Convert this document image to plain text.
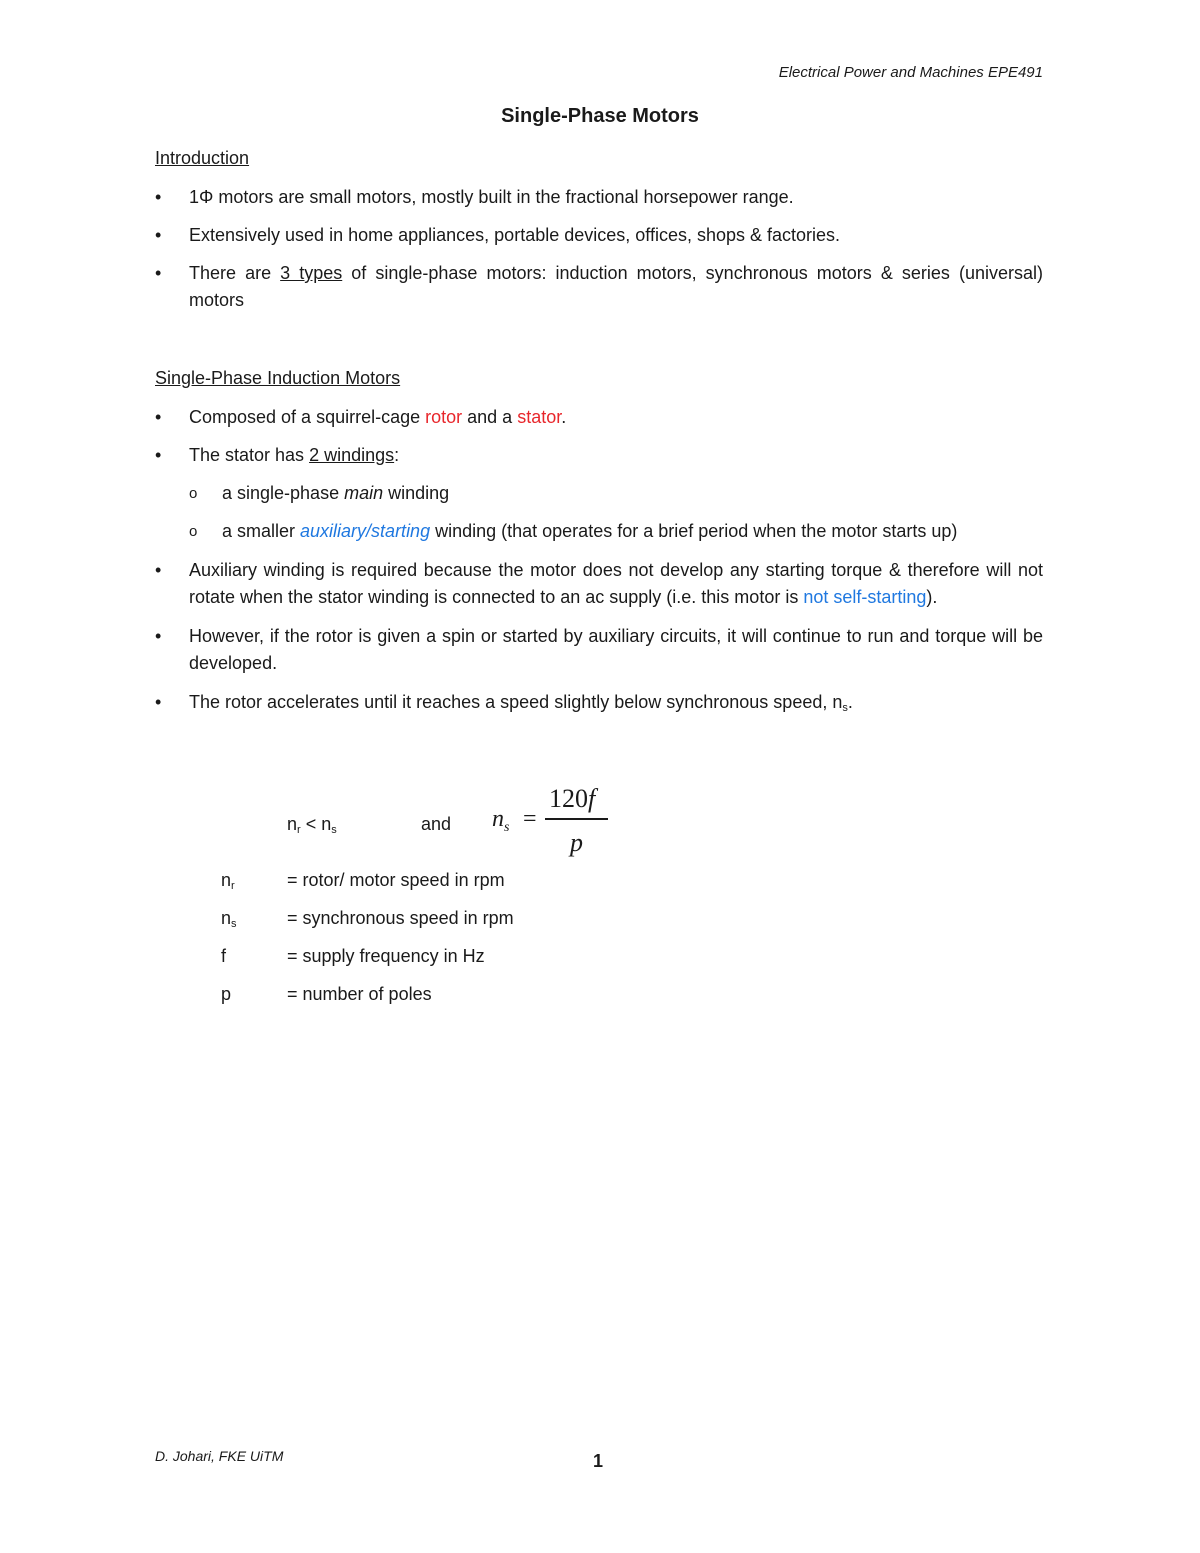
Electrical Power and Machines EPE491
Single-Phase Motors

Introduction

• 1Φ motors are small motors, mostly built in the fractional horsepower range.
• Extensively used in home appliances, portable devices, offices, shops & factories.
• There are 3 types of single-phase motors: induction motors, synchronous motors & series (universal) motors

Single-Phase Induction Motors

• Composed of a squirrel-cage rotor and a stator.
• The stator has 2 windings:
o a single-phase main winding
o a smaller auxiliary/starting winding (that operates for a brief period when the motor starts up)
• Auxiliary winding is required because the motor does not develop any starting torque & therefore will not rotate when the stator winding is connected to an ac supply (i.e. this motor is not self-starting).
• However, if the rotor is given a spin or started by auxiliary circuits, it will continue to run and torque will be developed.
• The rotor accelerates until it reaches a speed slightly below synchronous speed, $n_s$.
$n_r < n_s$	and $n_s$ =
120f
p
$n_r$	= rotor/ motor speed in rpm
$n_s$	= synchronous speed in rpm
f	= supply frequency in Hz
p	= number of poles
D. Johari, FKE UiTM	1
